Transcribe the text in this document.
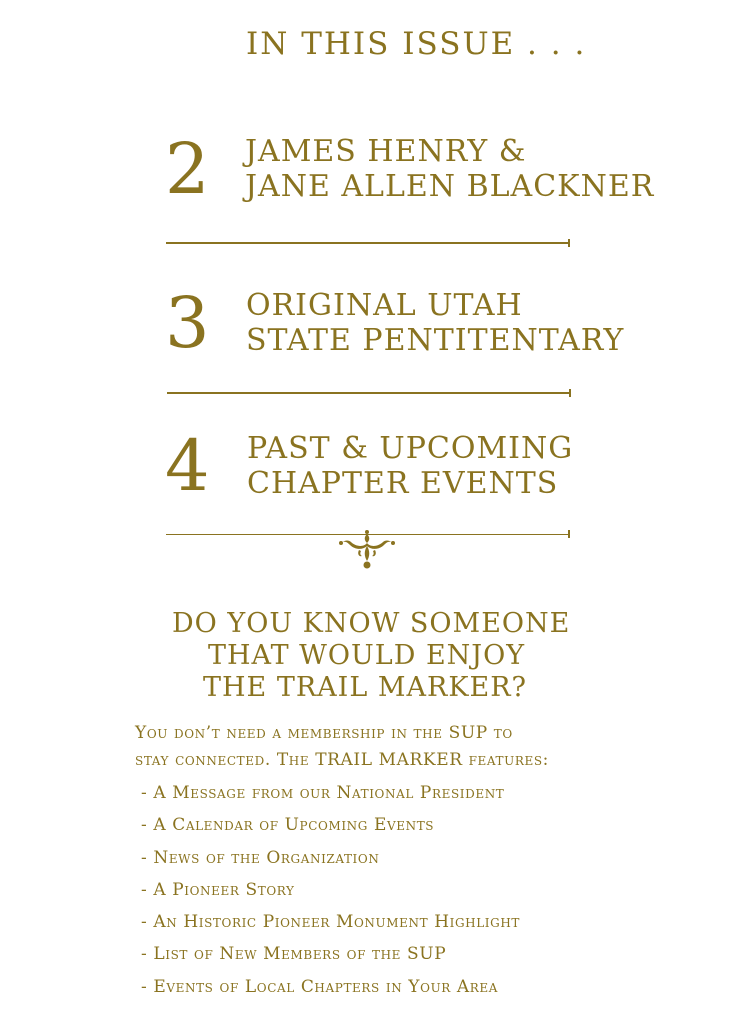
IN THIS ISSUE . . .
2 JAMES HENRY &
JANE ALLEN BLACKNER
3 ORIGINAL UTAH
STATE PENTITENTARY
4 PAST & UPCOMING
CHAPTER EVENTS
DO YOU KNOW SOMEONE
THAT WOULD ENJOY
THE TRAIL MARKER?
You don’t need a membership in the SUP to
stay connected. The TRAIL MARKER features:
- A Message from our National President
- A Calendar of Upcoming Events
- News of the Organization
- A Pioneer Story
- An Historic Pioneer Monument Highlight
- List of New Members of the SUP
- Events of Local Chapters in Your Area
